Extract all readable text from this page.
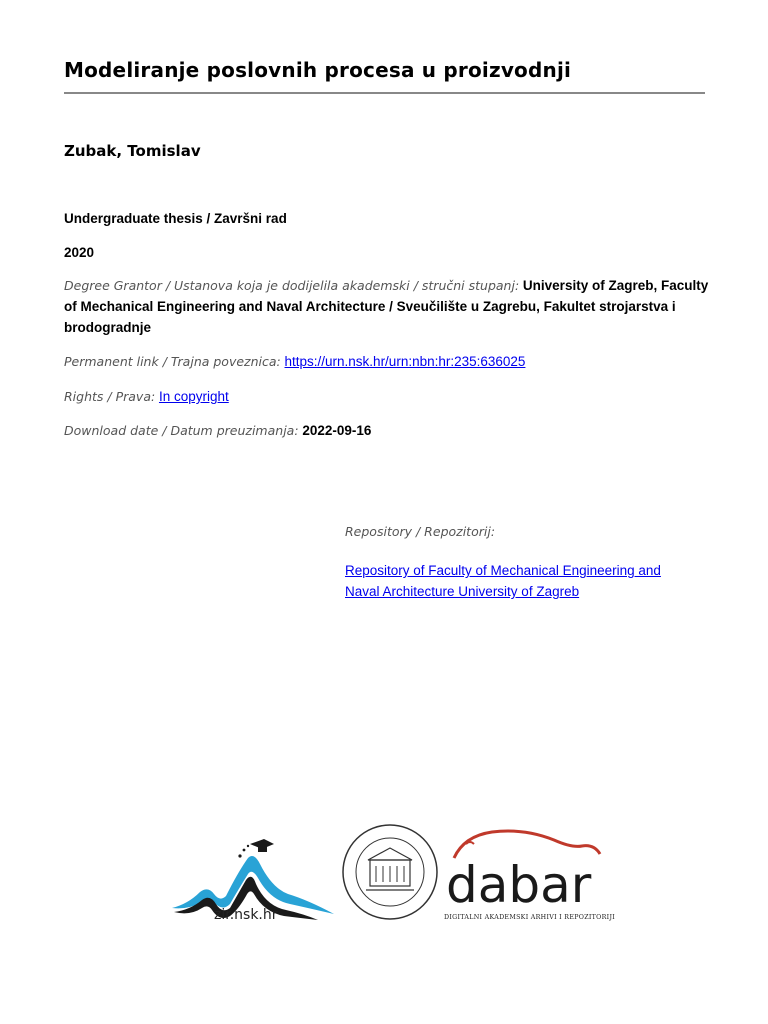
Modeliranje poslovnih procesa u proizvodnji
Zubak, Tomislav
Undergraduate thesis / Završni rad
2020
Degree Grantor / Ustanova koja je dodijelila akademski / stručni stupanj: University of Zagreb, Faculty of Mechanical Engineering and Naval Architecture / Sveučilište u Zagrebu, Fakultet strojarstva i brodogradnje
Permanent link / Trajna poveznica: https://urn.nsk.hr/urn:nbn:hr:235:636025
Rights / Prava: In copyright
Download date / Datum preuzimanja: 2022-09-16
Repository / Repozitorij:
Repository of Faculty of Mechanical Engineering and Naval Architecture University of Zagreb
zir.nsk.hr
dabar
DIGITALNI AKADEMSKI ARHIVI I REPOZITORIJI
